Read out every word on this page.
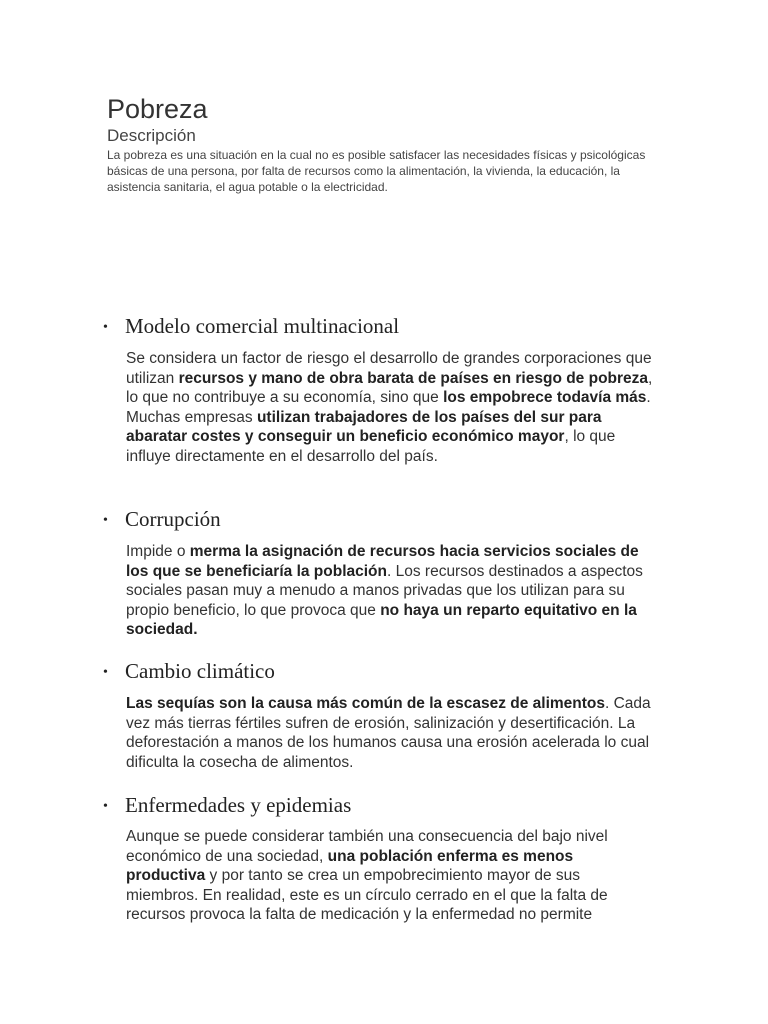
Pobreza
Descripción
La pobreza es una situación en la cual no es posible satisfacer las necesidades físicas y psicológicas básicas de una persona, por falta de recursos como la alimentación, la vivienda, la educación, la asistencia sanitaria, el agua potable o la electricidad.
• Modelo comercial multinacional
Se considera un factor de riesgo el desarrollo de grandes corporaciones que utilizan recursos y mano de obra barata de países en riesgo de pobreza, lo que no contribuye a su economía, sino que los empobrece todavía más. Muchas empresas utilizan trabajadores de los países del sur para abaratar costes y conseguir un beneficio económico mayor, lo que influye directamente en el desarrollo del país.
• Corrupción
Impide o merma la asignación de recursos hacia servicios sociales de los que se beneficiaría la población. Los recursos destinados a aspectos sociales pasan muy a menudo a manos privadas que los utilizan para su propio beneficio, lo que provoca que no haya un reparto equitativo en la sociedad.
• Cambio climático
Las sequías son la causa más común de la escasez de alimentos. Cada vez más tierras fértiles sufren de erosión, salinización y desertificación. La deforestación a manos de los humanos causa una erosión acelerada lo cual dificulta la cosecha de alimentos.
• Enfermedades y epidemias
Aunque se puede considerar también una consecuencia del bajo nivel económico de una sociedad, una población enferma es menos productiva y por tanto se crea un empobrecimiento mayor de sus miembros. En realidad, este es un círculo cerrado en el que la falta de recursos provoca la falta de medicación y la enfermedad no permite
